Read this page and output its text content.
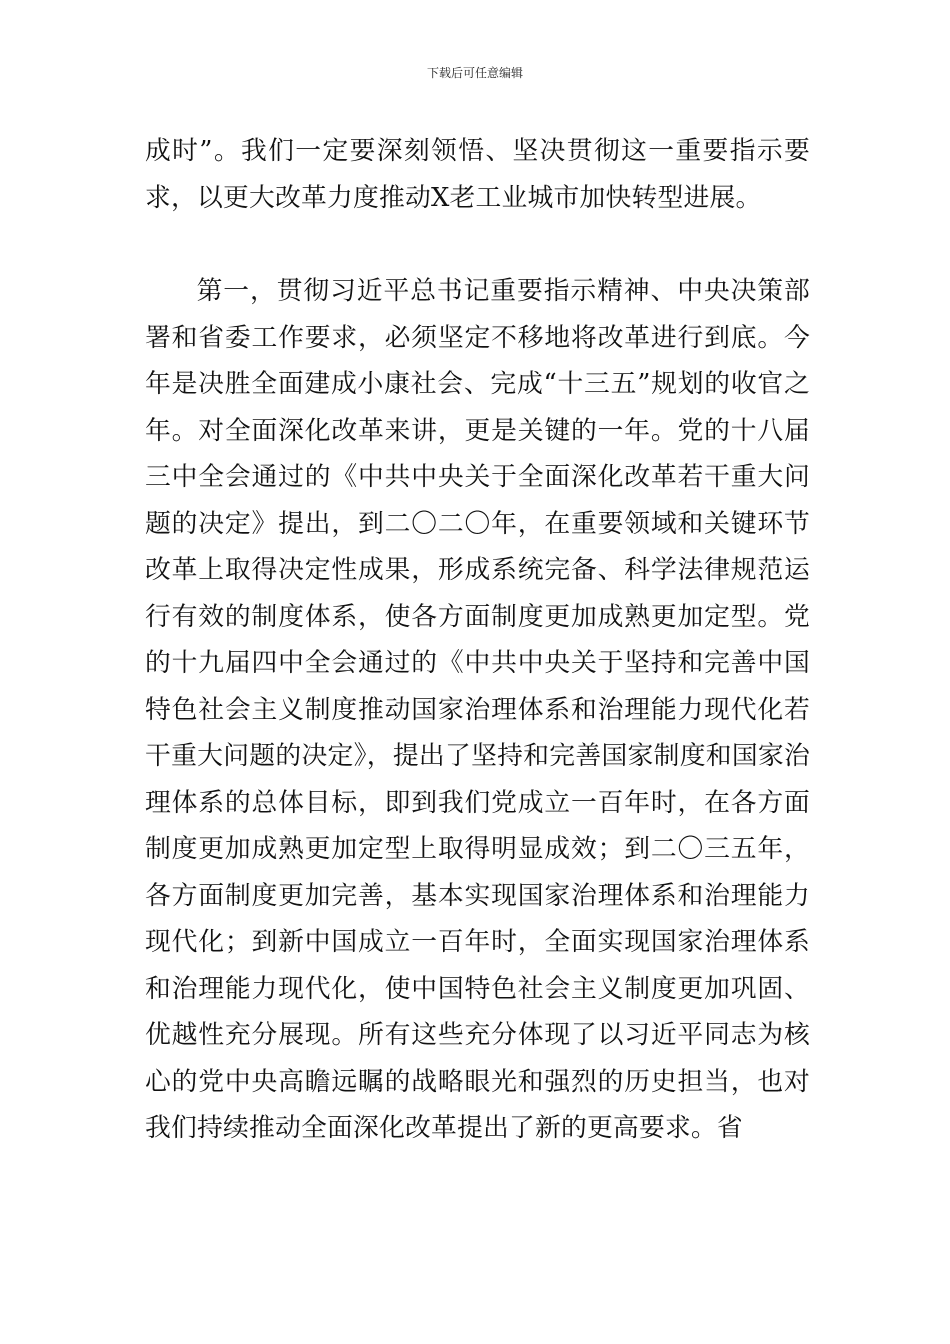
下载后可任意编辑

成时”。我们一定要深刻领悟、坚决贯彻这一重要指示要求，以更大改革力度推动X老工业城市加快转型进展。

第一，贯彻习近平总书记重要指示精神、中央决策部署和省委工作要求，必须坚定不移地将改革进行到底。今年是决胜全面建成小康社会、完成“十三五”规划的收官之年。对全面深化改革来讲，更是关键的一年。党的十八届三中全会通过的《中共中央关于全面深化改革若干重大问题的决定》提出，到二〇二〇年，在重要领域和关键环节改革上取得决定性成果，形成系统完备、科学法律规范运行有效的制度体系，使各方面制度更加成熟更加定型。党的十九届四中全会通过的《中共中央关于坚持和完善中国特色社会主义制度推动国家治理体系和治理能力现代化若干重大问题的决定》，提出了坚持和完善国家制度和国家治理体系的总体目标，即到我们党成立一百年时，在各方面制度更加成熟更加定型上取得明显成效；到二〇三五年，各方面制度更加完善，基本实现国家治理体系和治理能力现代化；到新中国成立一百年时，全面实现国家治理体系和治理能力现代化，使中国特色社会主义制度更加巩固、优越性充分展现。所有这些充分体现了以习近平同志为核心的党中央高瞻远瞩的战略眼光和强烈的历史担当，也对我们持续推动全面深化改革提出了新的更高要求。省
